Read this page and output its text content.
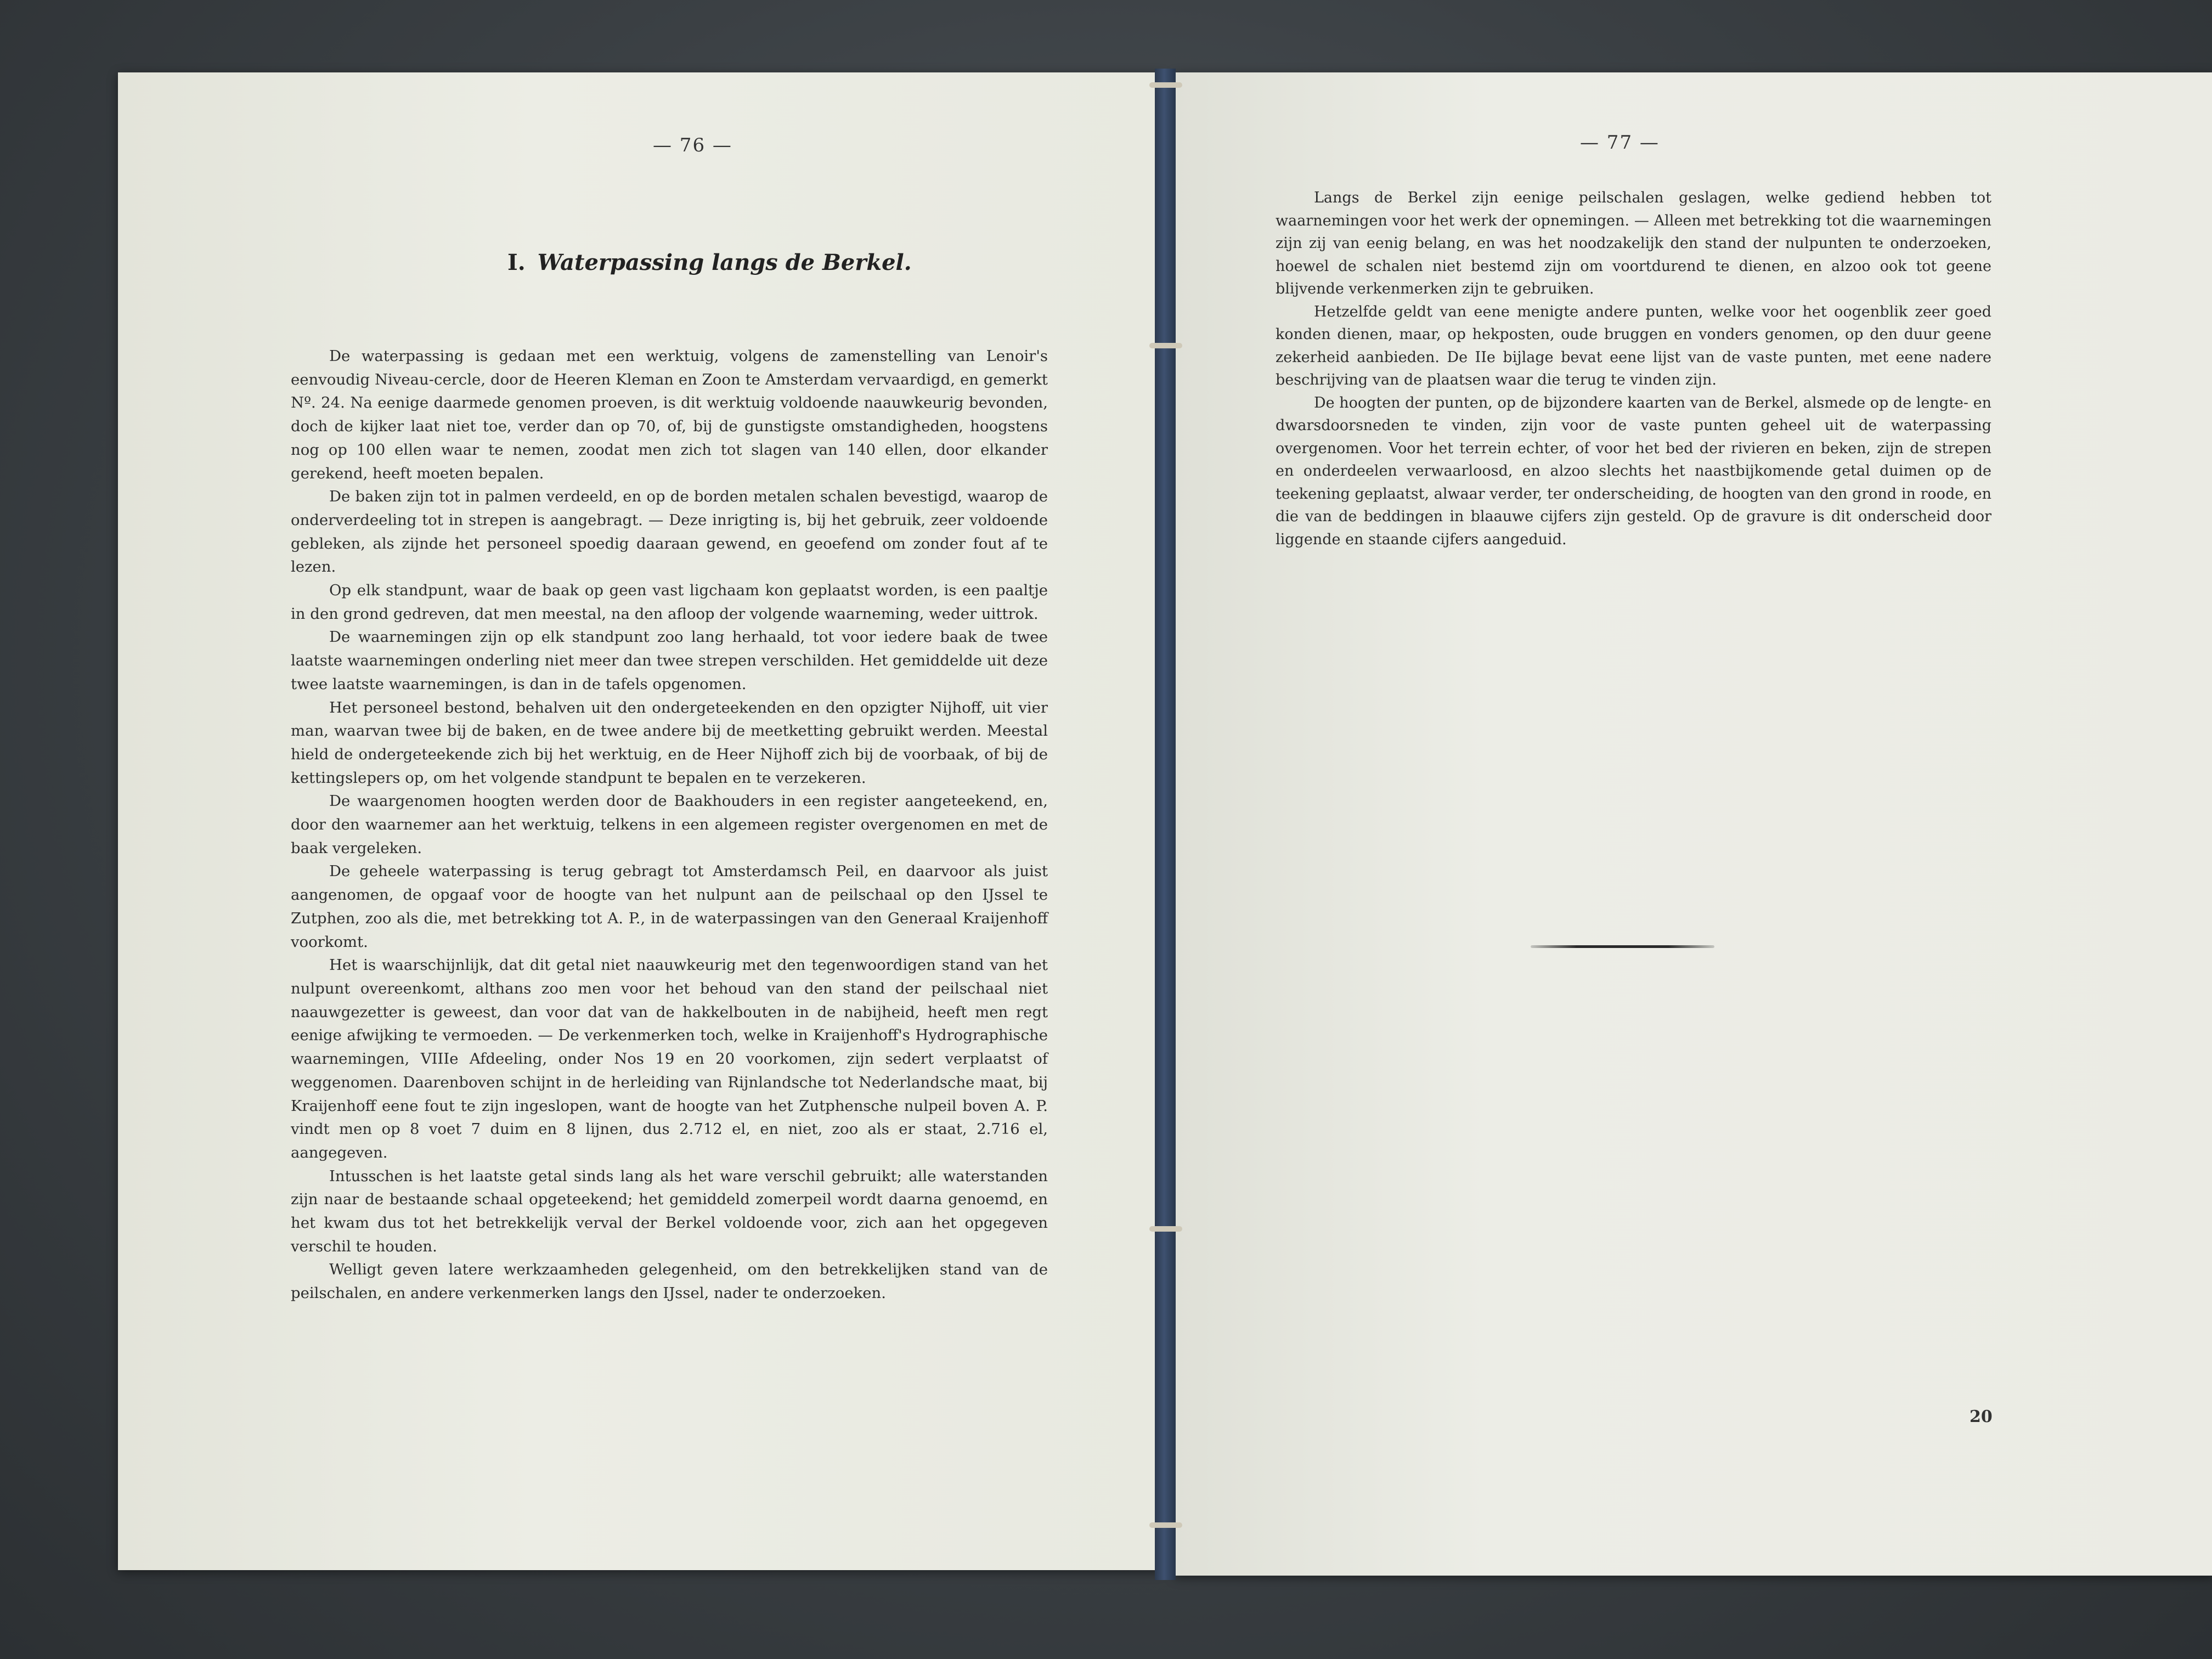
— 76 —
I. Waterpassing langs de Berkel.

De waterpassing is gedaan met een werktuig, volgens de zamenstelling van Lenoir's eenvoudig Niveau-cercle, door de Heeren Kleman en Zoon te Amsterdam vervaardigd, en gemerkt Nº. 24. Na eenige daarmede genomen proeven, is dit werktuig voldoende naauwkeurig bevonden, doch de kijker laat niet toe, verder dan op 70, of, bij de gunstigste omstandigheden, hoogstens nog op 100 ellen waar te nemen, zoodat men zich tot slagen van 140 ellen, door elkander gerekend, heeft moeten bepalen.

De baken zijn tot in palmen verdeeld, en op de borden metalen schalen bevestigd, waarop de onderverdeeling tot in strepen is aangebragt. — Deze inrigting is, bij het gebruik, zeer voldoende gebleken, als zijnde het personeel spoedig daaraan gewend, en geoefend om zonder fout af te lezen.

Op elk standpunt, waar de baak op geen vast ligchaam kon geplaatst worden, is een paaltje in den grond gedreven, dat men meestal, na den afloop der volgende waarneming, weder uittrok.

De waarnemingen zijn op elk standpunt zoo lang herhaald, tot voor iedere baak de twee laatste waarnemingen onderling niet meer dan twee strepen verschilden. Het gemiddelde uit deze twee laatste waarnemingen, is dan in de tafels opgenomen.

Het personeel bestond, behalven uit den ondergeteekenden en den opzigter Nijhoff, uit vier man, waarvan twee bij de baken, en de twee andere bij de meetketting gebruikt werden. Meestal hield de ondergeteekende zich bij het werktuig, en de Heer Nijhoff zich bij de voorbaak, of bij de kettingslepers op, om het volgende standpunt te bepalen en te verzekeren.

De waargenomen hoogten werden door de Baakhouders in een register aangeteekend, en, door den waarnemer aan het werktuig, telkens in een algemeen register overgenomen en met de baak vergeleken.

De geheele waterpassing is terug gebragt tot Amsterdamsch Peil, en daarvoor als juist aangenomen, de opgaaf voor de hoogte van het nulpunt aan de peilschaal op den IJssel te Zutphen, zoo als die, met betrekking tot A. P., in de waterpassingen van den Generaal Kraijenhoff voorkomt.

Het is waarschijnlijk, dat dit getal niet naauwkeurig met den tegenwoordigen stand van het nulpunt overeenkomt, althans zoo men voor het behoud van den stand der peilschaal niet naauwgezetter is geweest, dan voor dat van de hakkelbouten in de nabijheid, heeft men regt eenige afwijking te vermoeden. — De verkenmerken toch, welke in Kraijenhoff's Hydrographische waarnemingen, VIIIe Afdeeling, onder Nos 19 en 20 voorkomen, zijn sedert verplaatst of weggenomen. Daarenboven schijnt in de herleiding van Rijnlandsche tot Nederlandsche maat, bij Kraijenhoff eene fout te zijn ingeslopen, want de hoogte van het Zutphensche nulpeil boven A. P. vindt men op 8 voet 7 duim en 8 lijnen, dus 2.712 el, en niet, zoo als er staat, 2.716 el, aangegeven.

Intusschen is het laatste getal sinds lang als het ware verschil gebruikt; alle waterstanden zijn naar de bestaande schaal opgeteekend; het gemiddeld zomerpeil wordt daarna genoemd, en het kwam dus tot het betrekkelijk verval der Berkel voldoende voor, zich aan het opgegeven verschil te houden.

Welligt geven latere werkzaamheden gelegenheid, om den betrekkelijken stand van de peilschalen, en andere verkenmerken langs den IJssel, nader te onderzoeken.

— 77 —

Langs de Berkel zijn eenige peilschalen geslagen, welke gediend hebben tot waarnemingen voor het werk der opnemingen. — Alleen met betrekking tot die waarnemingen zijn zij van eenig belang, en was het noodzakelijk den stand der nulpunten te onderzoeken, hoewel de schalen niet bestemd zijn om voortdurend te dienen, en alzoo ook tot geene blijvende verkenmerken zijn te gebruiken.

Hetzelfde geldt van eene menigte andere punten, welke voor het oogenblik zeer goed konden dienen, maar, op hekposten, oude bruggen en vonders genomen, op den duur geene zekerheid aanbieden. De IIe bijlage bevat eene lijst van de vaste punten, met eene nadere beschrijving van de plaatsen waar die terug te vinden zijn.

De hoogten der punten, op de bijzondere kaarten van de Berkel, alsmede op de lengte- en dwarsdoorsneden te vinden, zijn voor de vaste punten geheel uit de waterpassing overgenomen. Voor het terrein echter, of voor het bed der rivieren en beken, zijn de strepen en onderdeelen verwaarloosd, en alzoo slechts het naastbijkomende getal duimen op de teekening geplaatst, alwaar verder, ter onderscheiding, de hoogten van den grond in roode, en die van de beddingen in blaauwe cijfers zijn gesteld. Op de gravure is dit onderscheid door liggende en staande cijfers aangeduid.

20
